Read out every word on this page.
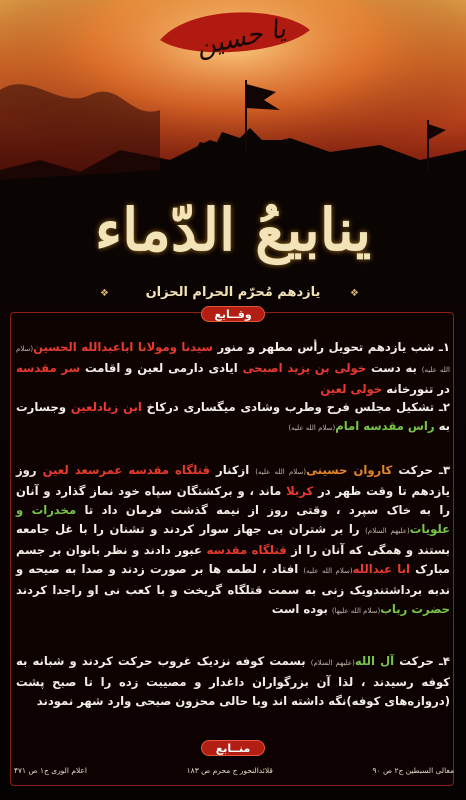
یا حسین
ینابیعُ الدّماء
❖	یازدهم مُحرّم الحرام الحزان	❖
وقــایع
۱ـ شب یازدهم تحویل رأس مطهر و منور سیدنا ومولانا اباعبدالله الحسین(سلام الله علیه) به دست خولی بن یزید اصبحی ایادی دارمی لعین و اقامت سر مقدسه در تنورخانه خولی لعین
۲ـ تشکیل مجلس فرح وطرب وشادی میگساری درکاخ ابن زیادلعین وجسارت به راس مقدسه امام(سلام الله علیه)
۳ـ حرکت کاروان حسینی(سلام الله علیه) ازکنار قتلگاه مقدسه عمرسعد لعین روز یازدهم تا وقت ظهر در کربلا ماند ، و برکشتگان سپاه خود نماز گذارد و آنان را به خاک سپرد ، وقتی روز از نیمه گذشت فرمان داد تا مخدرات و علویات(علیهم السلام) را بر شتران بی جهاز سوار کردند و تشنان را با غل جامعه بستند و همگی که آنان را از قتلگاه مقدسه عبور دادند و نظر بانوان بر جسم مبارک ابا عبدالله(سلام الله علیه) افتاد ، لطمه ها بر صورت زدند و صدا به صیحه و ندبه برداشتندویک زنی به سمت قتلگاه گریخت و با کعب نی او راجدا کردند حضرت رباب(سلام الله علیها) بوده است
۴ـ حرکت آل الله(علیهم السلام) بسمت کوفه نزدیک غروب حرکت کردند و شبانه به کوفه رسیدند ، لذا آن بزرگواران داغدار و مصیبت زده را تا صبح پشت (دروازه‌های کوفه)نگه داشته اند وبا حالی محزون صبحی وارد شهر نمودند
منــابع
معالی السبطین ج۲ ص ۹۰
قلائدالنحور ج محرم ص ۱۸۳
اعلام الوری ج۱ ص ۴۷۱
